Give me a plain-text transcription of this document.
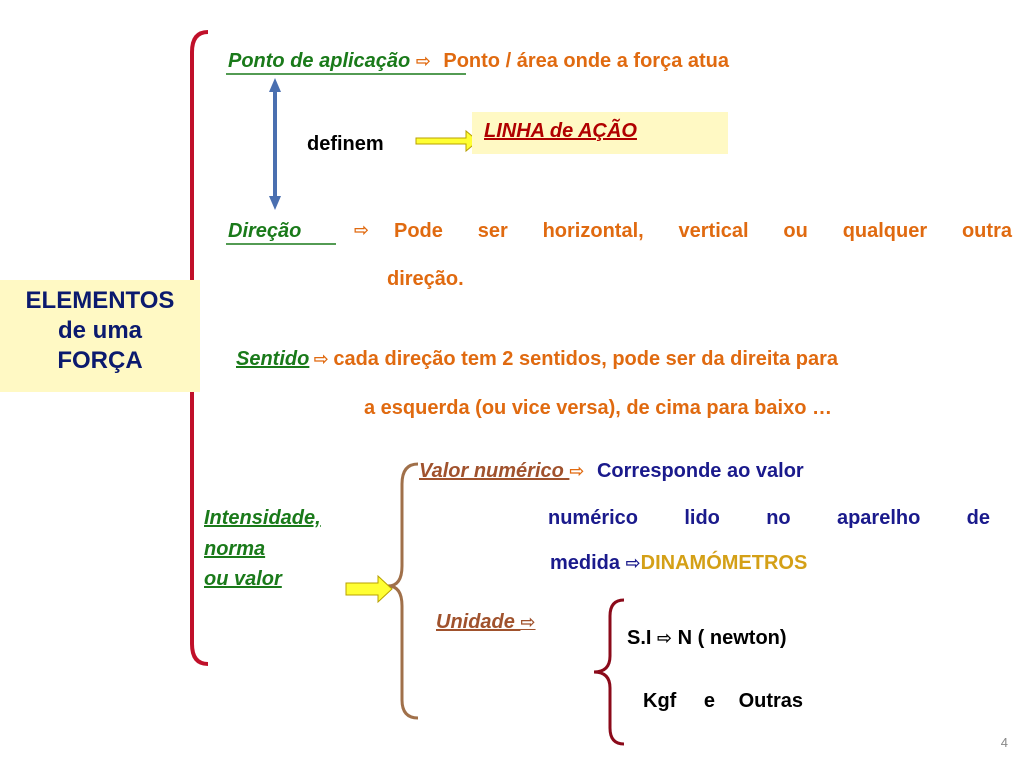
ELEMENTOS
de uma
FORÇA
Ponto de aplicação ⇨ Ponto / área onde a força atua
definem
LINHA de AÇÃO
Direção	⇨ Pode ser horizontal, vertical ou qualquer outra
direção.
Sentido ⇨ cada direção tem 2 sentidos, pode ser da direita para
a esquerda (ou vice versa), de cima para baixo …
Intensidade,
norma
ou valor
Valor numérico ⇨ Corresponde ao valor
numérico lido no aparelho de
medida ⇨DINAMÓMETROS
Unidade ⇨
S.I ⇨ N ( newton)
Kgf e Outras
4
